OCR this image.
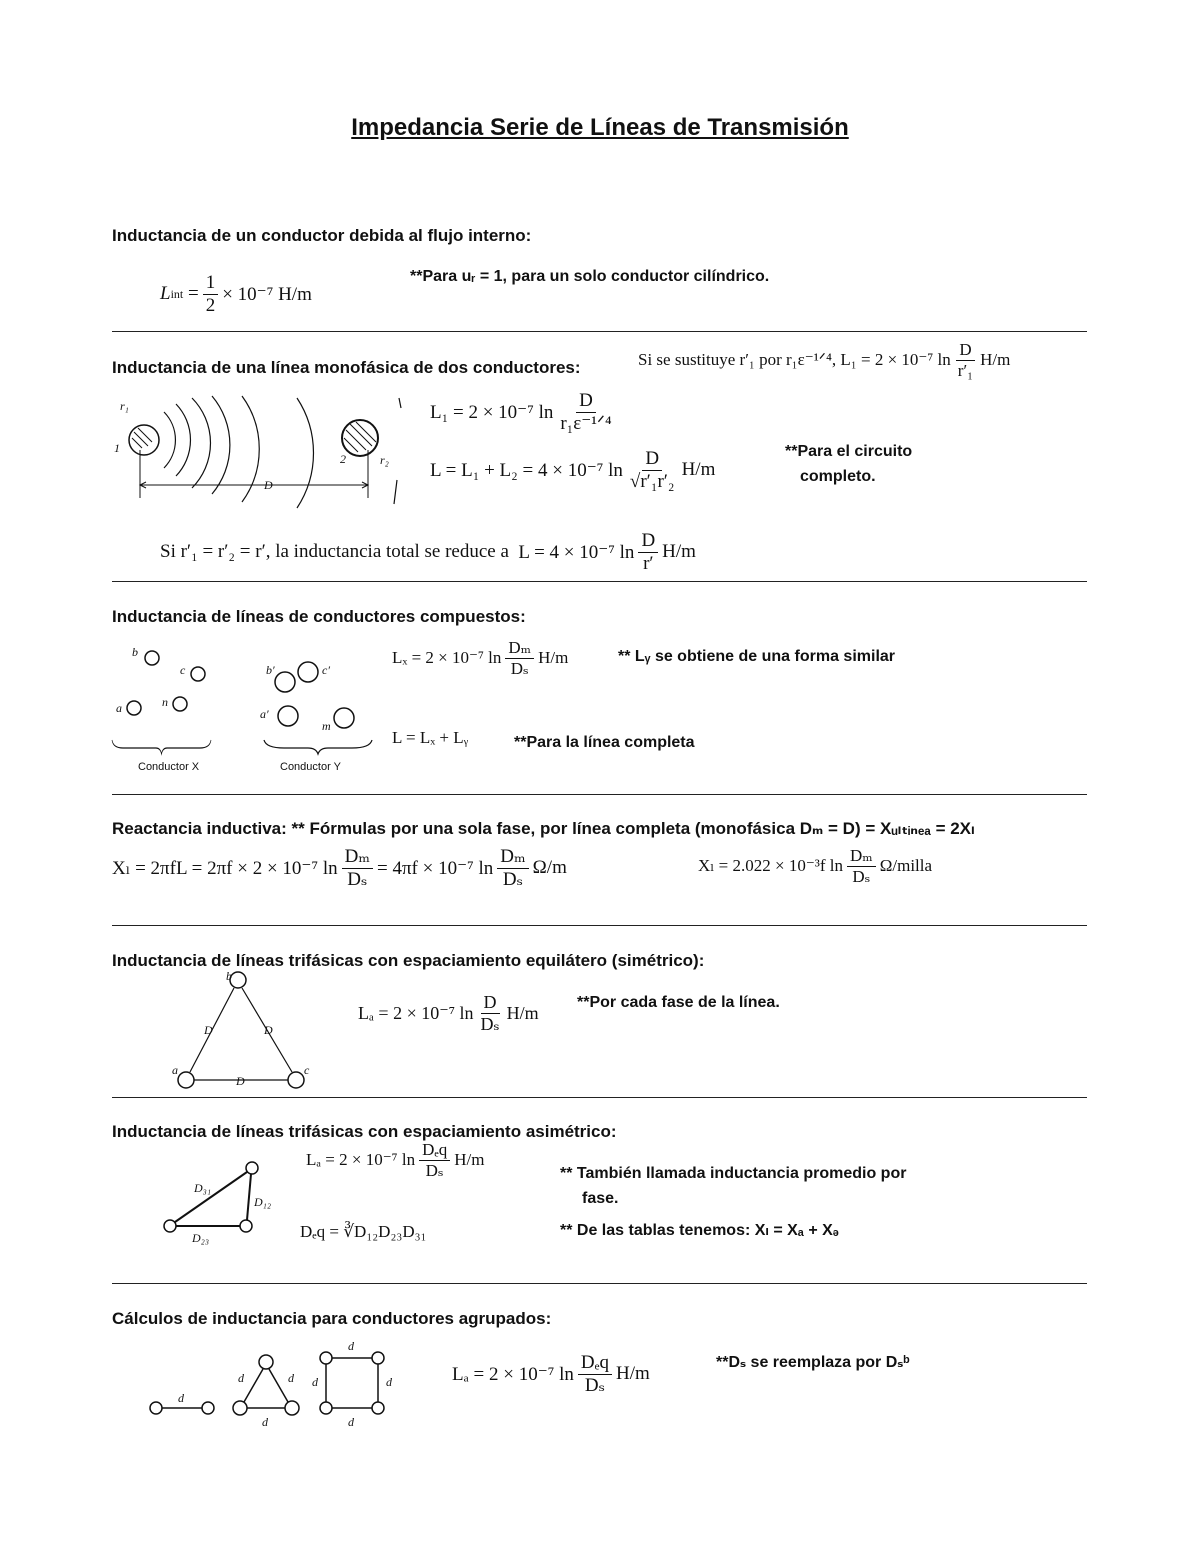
Impedancia Serie de Líneas de Transmisión
Inductancia de un conductor debida al flujo interno:
L int = $\frac{1}{2} \times 10^{-7}$ H/m
**Para uᵣ = 1, para un solo conductor cilíndrico.
Inductancia de una línea monofásica de dos conductores:	Si se sustituye r′₁ por r₁ε⁻¹ᐟ⁴, L₁ = 2 × 10⁻⁷ $\ln \frac{D}{\text{r′₁}} H/m$
r₁
1
2	r₂
D
L₁ = 2 × 10⁻⁷ $\ln \frac{D}{\text{r₁ε⁻¹ᐟ⁴}}$
L = L₁ + L₂ = 4 × 10⁻⁷ $\ln \frac{D}{\text{√r′₁r′₂}} H/m$
**Para el circuito
completo.
Si r′₁ = r′₂ = r′, la inductancia total se reduce a
L = 4 × 10⁻⁷ $\ln \frac{D}{r'} H/m$
Inductancia de líneas de conductores compuestos:
b
c
a	n
b′	c′
a′
m
Conductor X	Conductor Y
Lₓ = 2 × 10⁻⁷ $\ln \frac{\text{Dₘ}}{\text{Dₛ}} H/m$	** Lᵧ se obtiene de una forma similar
L = Lₓ + Lᵧ	**Para la línea completa
Reactancia inductiva: ** Fórmulas por una sola fase, por línea completa (monofásica Dₘ = D) = Xᵤₗₜᵢₙₑₐ = 2Xₗ
Xₗ = 2πfL = 2πf × 2 × 10⁻⁷ $\ln \frac{\text{Dₘ}}{\text{Dₛ}} = 4\pi f \times 10^{-7}$ $\ln \frac{\text{Dₘ}}{\text{Dₛ}} \Omega/m$	Xₗ = 2.022 × 10⁻³f $\ln \frac{\text{Dₘ}}{\text{Dₛ}}$ Ω/milla
Inductancia de líneas trifásicas con espaciamiento equilátero (simétrico):
b
a	c
D	D
D
Lₐ = 2 × 10⁻⁷ $\ln \frac{D}{\text{Dₛ}} H/m$
**Por cada fase de la línea.
Inductancia de líneas trifásicas con espaciamiento asimétrico:
D₃₁
D₁₂
D₂₃
Lₐ = 2 × 10⁻⁷ $\ln \frac{\text{Dₑq}}{\text{Dₛ}} H/m$
Dₑq = ∛D₁₂D₂₃D₃₁
** También llamada inductancia promedio por
fase.
** De las tablas tenemos: Xₗ = Xₐ + Xₔ
Cálculos de inductancia para conductores agrupados:
d
d	d
d
d
d	d
d
Lₐ = 2 × 10⁻⁷ $\ln \frac{\text{Dₑq}}{\text{Dₛ}} H/m$
**Dₛ se reemplaza por Dₛᵇ
